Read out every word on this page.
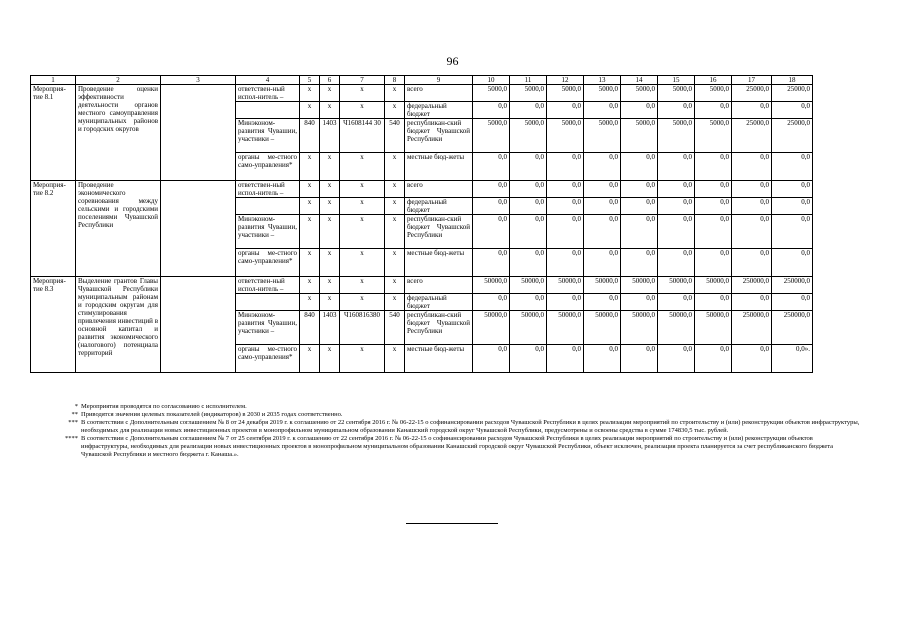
96
1	2	3	4	5	6	7	8	9	10	11	12	13	14	15	16	17	18
Мероприя-тие 8.1	Проведение оценки эффективности деятельности органов местного самоуправления муниципальных районов и городских округов		ответствен-ный испол-нитель –	x	x	x	x	всего	5000,0	5000,0	5000,0	5000,0	5000,0	5000,0	5000,0	25000,0	25000,0
				x	x	x	x	федеральный бюджет	0,0	0,0	0,0	0,0	0,0	0,0	0,0	0,0	0,0
			Минэконом-развития Чувашии, участники –	840	1403	Ч1608144 30	540	республикан-ский бюджет Чувашской Республики	5000,0	5000,0	5000,0	5000,0	5000,0	5000,0	5000,0	25000,0	25000,0
			органы ме-стного само-управления*	x	x	x	x	местные бюд-жеты	0,0	0,0	0,0	0,0	0,0	0,0	0,0	0,0	0,0
Мероприя-тие 8.2	Проведение экономического соревнования между сельскими и городскими поселениями Чувашской Республики		ответствен-ный испол-нитель –	x	x	x	x	всего	0,0	0,0	0,0	0,0	0,0	0,0	0,0	0,0	0,0
				x	x	x	x	федеральный бюджет	0,0	0,0	0,0	0,0	0,0	0,0	0,0	0,0	0,0
			Минэконом-развития Чувашии, участники –	x	x	x	x	республикан-ский бюджет Чувашской Республики	0,0	0,0	0,0	0,0	0,0	0,0	0,0	0,0	0,0
			органы ме-стного само-управления*	x	x	x	x	местные бюд-жеты	0,0	0,0	0,0	0,0	0,0	0,0	0,0	0,0	0,0
Мероприя-тие 8.3	Выделение грантов Главы Чувашской Республики муниципальным районам и городским округам для стимулирования привлечения инвестиций в основной капитал и развития экономического (налогового) потенциала территорий		ответствен-ный испол-нитель –	x	x	x	x	всего	50000,0	50000,0	50000,0	50000,0	50000,0	50000,0	50000,0	250000,0	250000,0
				x	x	x	x	федеральный бюджет	0,0	0,0	0,0	0,0	0,0	0,0	0,0	0,0	0,0
			Минэконом-развития Чувашии, участники –	840	1403	Ч160816380	540	республикан-ский бюджет Чувашской Республики	50000,0	50000,0	50000,0	50000,0	50000,0	50000,0	50000,0	250000,0	250000,0
			органы ме-стного само-управления*	x	x	x	x	местные бюд-жеты	0,0	0,0	0,0	0,0	0,0	0,0	0,0	0,0	0,0».
* Мероприятия проводятся по согласованию с исполнителем.
** Приводятся значения целевых показателей (индикаторов) в 2030 и 2035 годах соответственно.
*** В соответствии с Дополнительным соглашением № 8 от 24 декабря 2019 г. к соглашению от 22 сентября 2016 г. № 06-22-15 о софинансировании расходов Чувашской Республики в целях реализации мероприятий по строительству и (или) реконструкции объектов инфраструктуры, необходимых для реализации новых инвестиционных проектов в монопрофильном муниципальном образовании Канашский городской округ Чувашской Республики, предусмотрены и освоены средства в сумме 174830,5 тыс. рублей.
**** В соответствии с Дополнительным соглашением № 7 от 25 сентября 2019 г. к соглашению от 22 сентября 2016 г. № 06-22-15 о софинансировании расходов Чувашской Республики в целях реализации мероприятий по строительству и (или) реконструкции объектов инфраструктуры, необходимых для реализации новых инвестиционных проектов в монопрофильном муниципальном образовании Канашский городской округ Чувашской Республики, объект исключен, реализация проекта планируется за счет республиканского бюджета Чувашской Республики и местного бюджета г. Канаша.».
